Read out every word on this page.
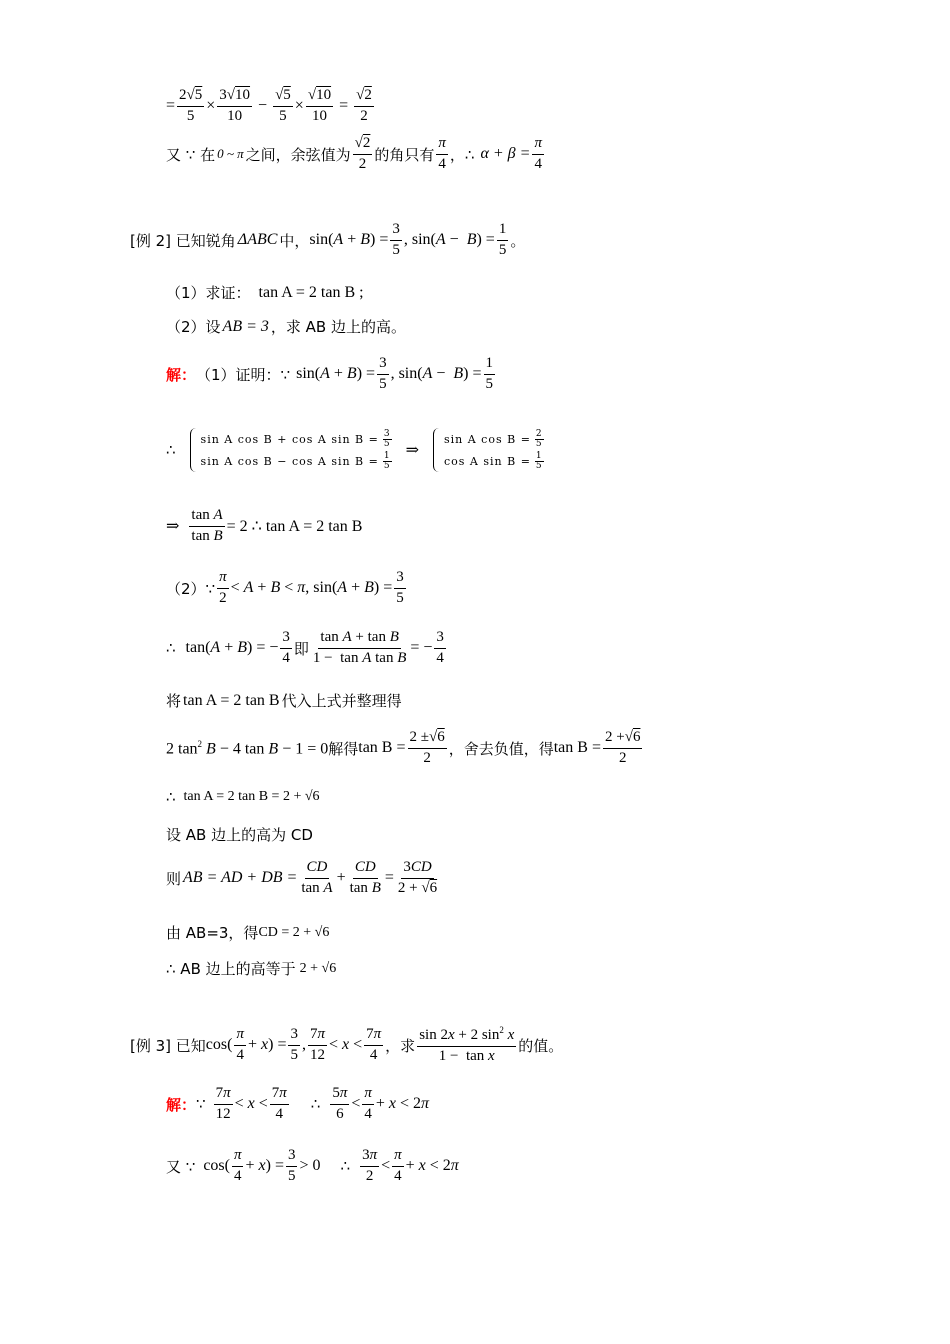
= $\frac{2√5}{5} \times \frac{3√10}{10} - \frac{√5}{5} \times \frac{√10}{10} = \frac{√2}{2}$
又 ∵ 在 0 ~ π 之间，余弦值为 $\frac{√2}{2}$ 的角只有 $\frac{\pi}{4}$ ，∴ $\alpha + \beta = \frac{\pi}{4}$
[例 2] 已知锐角 ΔABC 中， $\sin(A + B) = \frac{3}{5}$ , $\sin(A - B) = \frac{1}{5}$ 。
（1）求证： tan A = 2 tan B ;
（2）设 AB = 3 ，求 AB 边上的高。
解： （1）证明：∵ $\sin(A + B) = \frac{3}{5}$ , $\sin(A - B) = \frac{1}{5}$
∴
sin A cos B + cos A $\sin B = \frac{3}{5}$
sin A cos B − cos A $\sin B = \frac{1}{5}$
⇒
sin A $\cos B = \frac{2}{5}$
cos A $\sin B = \frac{1}{5}$
⇒ $\frac{\text{tan A}}{\text{tan B}} = 2$ ∴ tan A = 2 tan B
（2）∵ $\frac{\pi}{2} < A + B < \pi$, $\sin(A + B) = \frac{3}{5}$
∴ tan(A + B) = − $\frac{3}{4}$ 即 $\frac{\text{tan A + tan B}}{\text{1 −  tan A tan B}}$ = − $\frac{3}{4}$
将 tan A = 2 tan B 代入上式并整理得
2 $\tan^2 B - 4$ tan B − 1 = 0 解得 $\tan B = \frac{2 \pm√6}{2}$ ，舍去负值，得 $\tan B = \frac{2 +√6}{2}$
∴ tan A = 2 tan B = 2 + √6
设 AB 边上的高为 CD
则 AB = AD + DB = $\frac{CD}{\text{tan A}} + \frac{CD}{\text{tan B}} = \frac{3CD}{2 + √6}$
由 AB=3，得 CD = 2 + √6
∴ AB 边上的高等于 2 + √6
[例 3] 已知 $\cos( \frac{\pi}{4} + x) = \frac{3}{5}$ , $\frac{7\pi}{12} < x < \frac{7\pi}{4}$ ，求 $\frac{\sin 2x + 2 \sin^2 x}{\text{1 −  tan x}}$ 的值。
解： ∵ $\frac{7\pi}{12} < x < \frac{7\pi}{4}$ ∴ $\frac{5\pi}{6} < \frac{\pi}{4} + x < 2\pi$
又 ∵ $\cos( \frac{\pi}{4} + x) = \frac{3}{5} > 0$ ∴ $\frac{3\pi}{2} < \frac{\pi}{4} + x < 2\pi$
